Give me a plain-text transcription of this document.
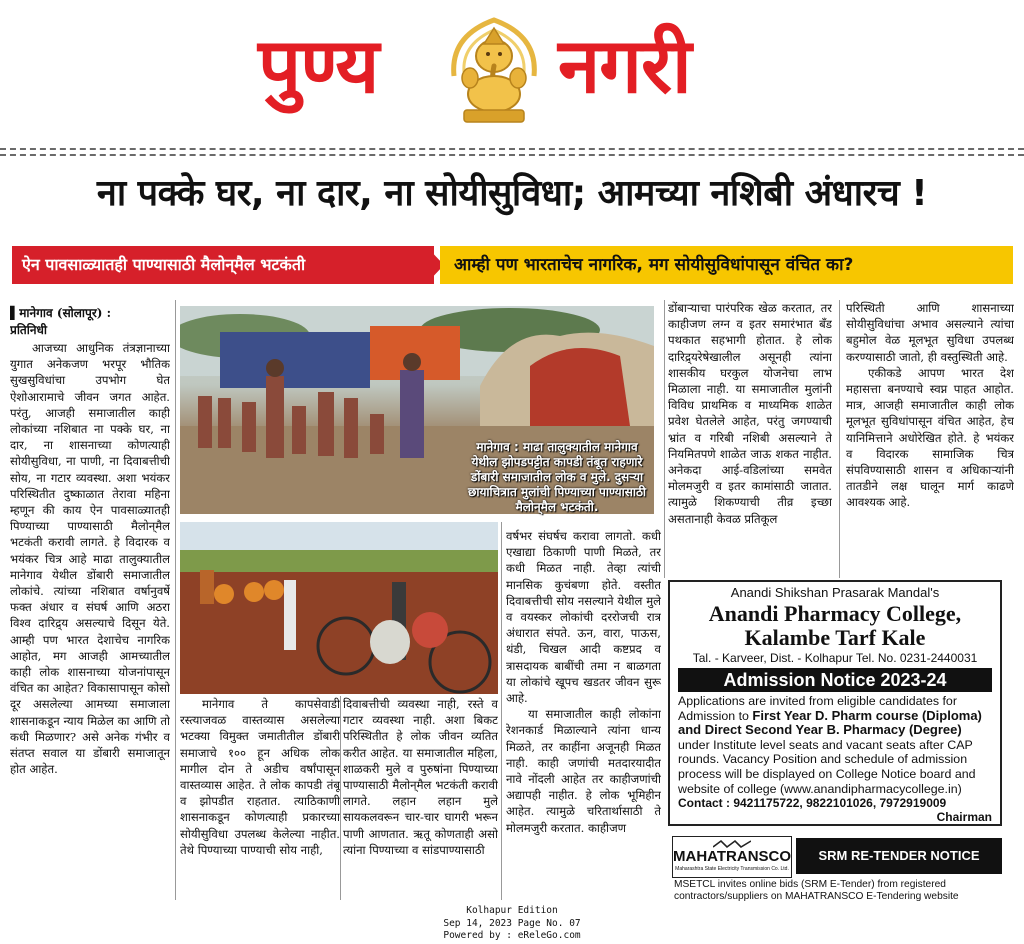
पुण्य नगरी
ना पक्के घर, ना दार, ना सोयीसुविधा; आमच्या नशिबी अंधारच !
ऐन पावसाळ्यातही पाण्यासाठी मैलोन्‌मैल भटकंती	आम्ही पण भारताचेच नागरिक, मग सोयीसुविधांपासून वंचित का?
▌मानेगाव (सोलापूर) :
प्रतिनिधी

आजच्या आधुनिक तंत्रज्ञानाच्या युगात अनेकजण भरपूर भौतिक सुखसुविधांचा उपभोग घेत ऐशोआरामाचे जीवन जगत आहेत. परंतु, आजही समाजातील काही लोकांच्या नशिबात ना पक्के घर, ना दार, ना शासनाच्या कोणत्याही सोयीसुविधा, ना पाणी, ना दिवाबत्तीची सोय, ना गटार व्यवस्था. अशा भयंकर परिस्थितीत दुष्काळात तेरावा महिना म्हणून की काय ऐन पावसाळ्यातही पिण्याच्या पाण्यासाठी मैलोन्‌मैल भटकंती करावी लागते. हे विदारक व भयंकर चित्र आहे माढा तालुक्यातील मानेगाव येथील डोंबारी समाजातील लोकांचे. त्यांच्या नशिबात वर्षानुवर्षे फक्त अंधार व संघर्ष आणि अठरा विश्व दारिद्र्य असल्याचे दिसून येते. आम्ही पण भारत देशाचेच नागरिक आहोत, मग आजही आमच्यातील काही लोक शासनाच्या योजनांपासून वंचित का आहेत? विकासापासून कोसो दूर असलेल्या आमच्या समाजाला शासनाकडून न्याय मिळेल का आणि तो कधी मिळणार? असे अनेक गंभीर व संतप्त सवाल या डोंबारी समाजातून होत आहेत.

मानेगाव : माढा तालुक्यातील मानेगाव येथील झोपडपट्टीत कापडी तंबूत राहणारे डोंबारी समाजातील लोक व मुले. दुसऱ्या छायाचित्रात मुलांची पिण्याच्या पाण्यासाठी मैलोन्‌मैल भटकंती.

मानेगाव ते कापसेवाडी रस्त्याजवळ वास्तव्यास असलेल्या भटक्या विमुक्त जमातीतील डोंबारी समाजाचे १०० हून अधिक लोक मागील दोन ते अडीच वर्षांपासून वास्तव्यास आहेत. ते लोक कापडी तंबू व झोपडीत राहतात. त्याठिकाणी शासनाकडून कोणत्याही प्रकारच्या सोयीसुविधा उपलब्ध केलेल्या नाहीत. तेथे पिण्याच्या पाण्याची सोय नाही,

दिवाबत्तीची व्यवस्था नाही, रस्ते व गटार व्यवस्था नाही. अशा बिकट परिस्थितीत हे लोक जीवन व्यतित करीत आहेत. या समाजातील महिला, शाळकरी मुले व पुरुषांना पिण्याच्या पाण्यासाठी मैलोन्‌मैल भटकंती करावी लागते. लहान लहान मुले सायकलवरून चार-चार घागरी भरून पाणी आणतात. ऋतू कोणताही असो त्यांना पिण्याच्या व सांडपाण्यासाठी

वर्षभर संघर्षच करावा लागतो. कधी एखाद्या ठिकाणी पाणी मिळते, तर कधी मिळत नाही. तेव्हा त्यांची मानसिक कुचंबणा होते. वस्तीत दिवाबत्तीची सोय नसल्याने येथील मुले व वयस्कर लोकांची दररोजची रात्र अंधारात संपते. ऊन, वारा, पाऊस, थंडी, चिखल आदी कष्टप्रद व त्रासदायक बाबींची तमा न बाळगता या लोकांचे खूपच खडतर जीवन सुरू आहे.

या समाजातील काही लोकांना रेशनकार्ड मिळाल्याने त्यांना धान्य मिळते, तर काहींना अजूनही मिळत नाही. काही जणांची मतदारयादीत नावे नोंदली आहेत तर काहीजणांची अद्यापही नाहीत. हे लोक भूमिहीन आहेत. त्यामुळे चरितार्थासाठी ते मोलमजुरी करतात. काहीजण

डोंबाऱ्याचा पारंपरिक खेळ करतात, तर काहीजण लग्न व इतर समारंभात बँड पथकात सहभागी होतात. हे लोक दारिद्र्यरेषेखालील असूनही त्यांना शासकीय घरकुल योजनेचा लाभ मिळाला नाही. या समाजातील मुलांनी विविध प्राथमिक व माध्यमिक शाळेत प्रवेश घेतलेले आहेत, परंतु जगण्याची भ्रांत व गरिबी नशिबी असल्याने ते नियमितपणे शाळेत जाऊ शकत नाहीत. अनेकदा आई-वडिलांच्या समवेत मोलमजुरी व इतर कामांसाठी जातात. त्यामुळे शिकण्याची तीव्र इच्छा असतानाही केवळ प्रतिकूल

परिस्थिती आणि शासनाच्या सोयीसुविधांचा अभाव असल्याने त्यांचा बहुमोल वेळ मूलभूत सुविधा उपलब्ध करण्यासाठी जातो, ही वस्तुस्थिती आहे.

एकीकडे आपण भारत देश महासत्ता बनण्याचे स्वप्न पाहत आहोत. मात्र, आजही समाजातील काही लोक मूलभूत सुविधांपासून वंचित आहेत, हेच यानिमित्ताने अधोरेखित होते. हे भयंकर व विदारक सामाजिक चित्र संपविण्यासाठी शासन व अधिकाऱ्यांनी तातडीने लक्ष घालून मार्ग काढणे आवश्यक आहे.

Anandi Shikshan Prasarak Mandal's
Anandi Pharmacy College,
Kalambe Tarf Kale
Tal. - Karveer, Dist. - Kolhapur Tel. No. 0231-2440031
Admission Notice 2023-24
Applications are invited from eligible candidates for Admission to First Year D. Pharm course (Diploma) and Direct Second Year B. Pharmacy (Degree) under Institute level seats and vacant seats after CAP rounds. Vacancy Position and schedule of admission process will be displayed on College Notice board and website of college (www.anandipharmacycollege.in)
Contact : 9421175722, 9822101026, 7972919009
Chairman
MAHATRANSCO
Maharashtra State Electricity Transmission Co. Ltd.
SRM RE-TENDER NOTICE
MSETCL invites online bids (SRM E-Tender) from registered contractors/suppliers on MAHATRANSCO E-Tendering website
Kolhapur Edition
Sep 14, 2023 Page No. 07
Powered by : eReleGo.com
